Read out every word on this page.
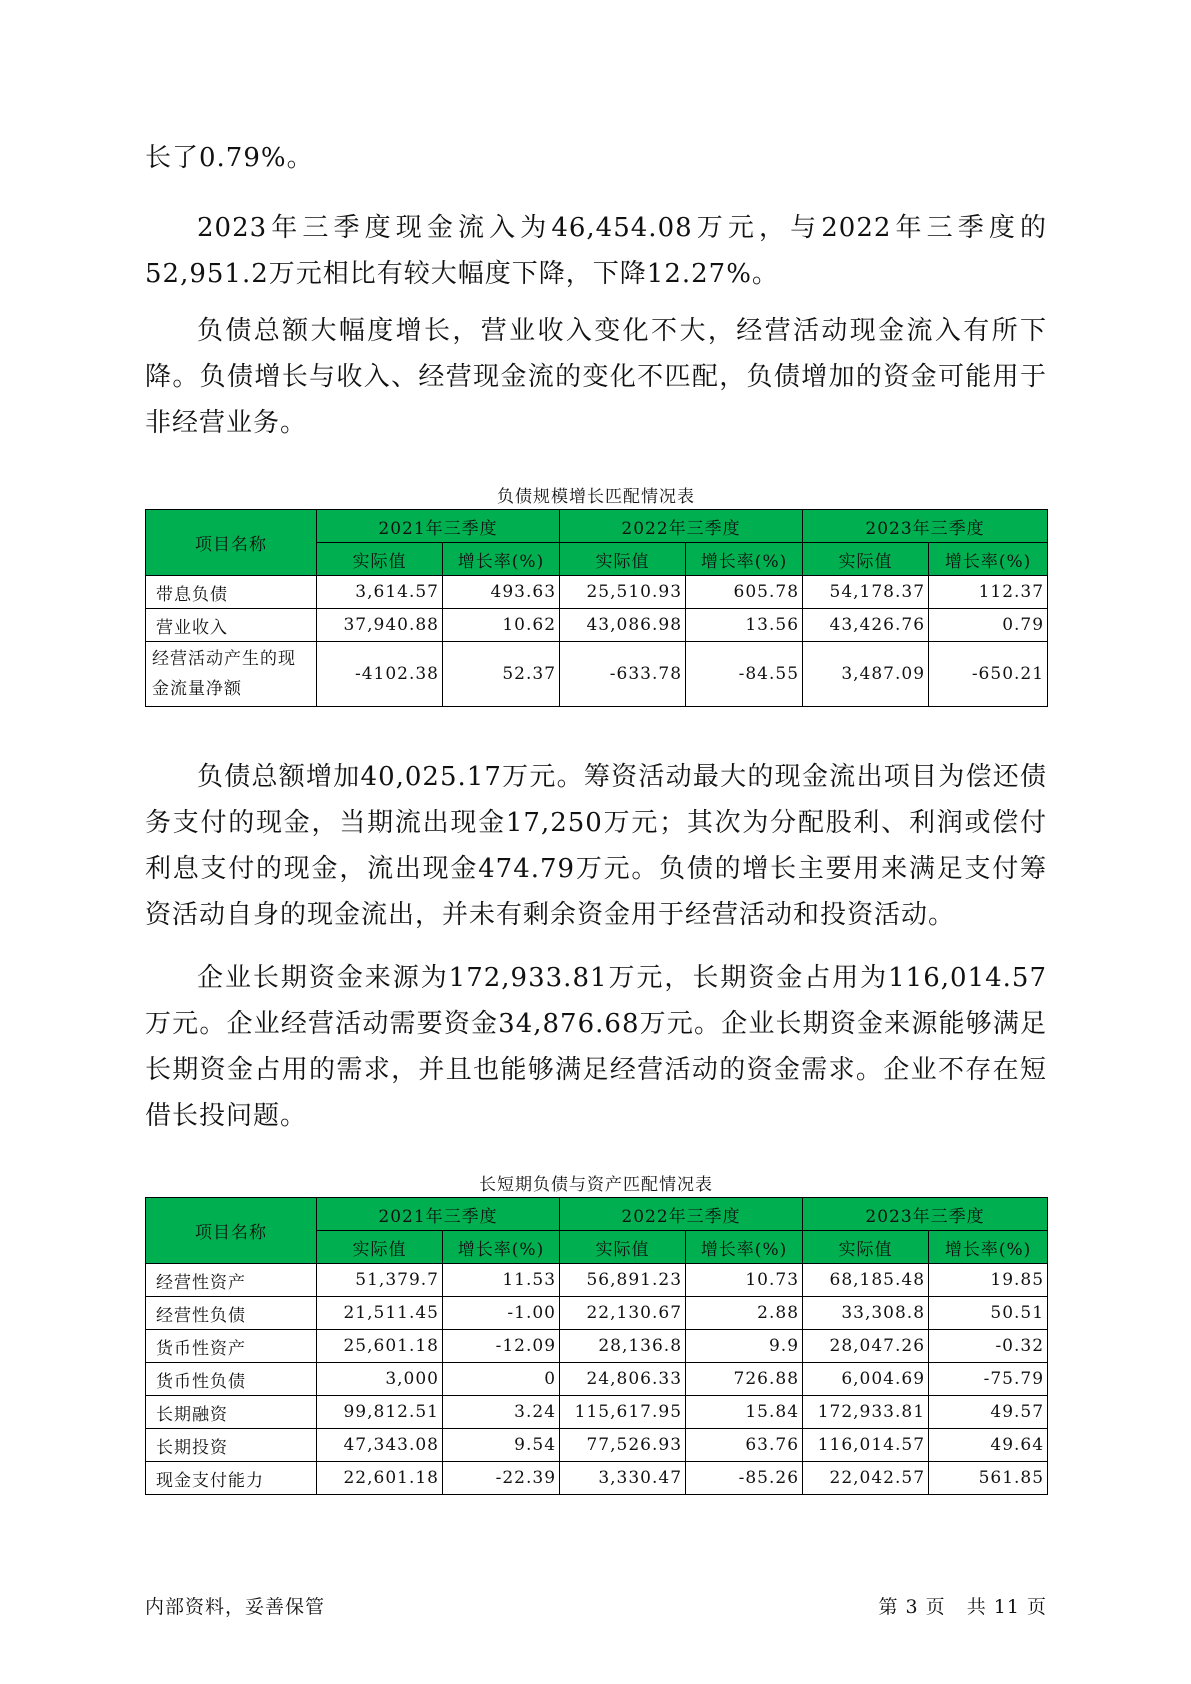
长了0.79%。

2023年三季度现金流入为46,454.08万元，与2022年三季度的52,951.2万元相比有较大幅度下降，下降12.27%。

负债总额大幅度增长，营业收入变化不大，经营活动现金流入有所下降。负债增长与收入、经营现金流的变化不匹配，负债增加的资金可能用于非经营业务。

负债规模增长匹配情况表
项目名称	2021年三季度		2022年三季度		2023年三季度	
	实际值	增长率(%)	实际值	增长率(%)	实际值	增长率(%)
带息负债	3,614.57	493.63	25,510.93	605.78	54,178.37	112.37
营业收入	37,940.88	10.62	43,086.98	13.56	43,426.76	0.79
经营活动产生的现金流量净额	-4102.38	52.37	-633.78	-84.55	3,487.09	-650.21

负债总额增加40,025.17万元。筹资活动最大的现金流出项目为偿还债务支付的现金，当期流出现金17,250万元；其次为分配股利、利润或偿付利息支付的现金，流出现金474.79万元。负债的增长主要用来满足支付筹资活动自身的现金流出，并未有剩余资金用于经营活动和投资活动。

企业长期资金来源为172,933.81万元，长期资金占用为116,014.57万元。企业经营活动需要资金34,876.68万元。企业长期资金来源能够满足长期资金占用的需求，并且也能够满足经营活动的资金需求。企业不存在短借长投问题。

长短期负债与资产匹配情况表
项目名称	2021年三季度		2022年三季度		2023年三季度	
	实际值	增长率(%)	实际值	增长率(%)	实际值	增长率(%)
经营性资产	51,379.7	11.53	56,891.23	10.73	68,185.48	19.85
经营性负债	21,511.45	-1.00	22,130.67	2.88	33,308.8	50.51
货币性资产	25,601.18	-12.09	28,136.8	9.9	28,047.26	-0.32
货币性负债	3,000	0	24,806.33	726.88	6,004.69	-75.79
长期融资	99,812.51	3.24	115,617.95	15.84	172,933.81	49.57
长期投资	47,343.08	9.54	77,526.93	63.76	116,014.57	49.64
现金支付能力	22,601.18	-22.39	3,330.47	-85.26	22,042.57	561.85
内部资料，妥善保管	第 3 页   共 11 页
